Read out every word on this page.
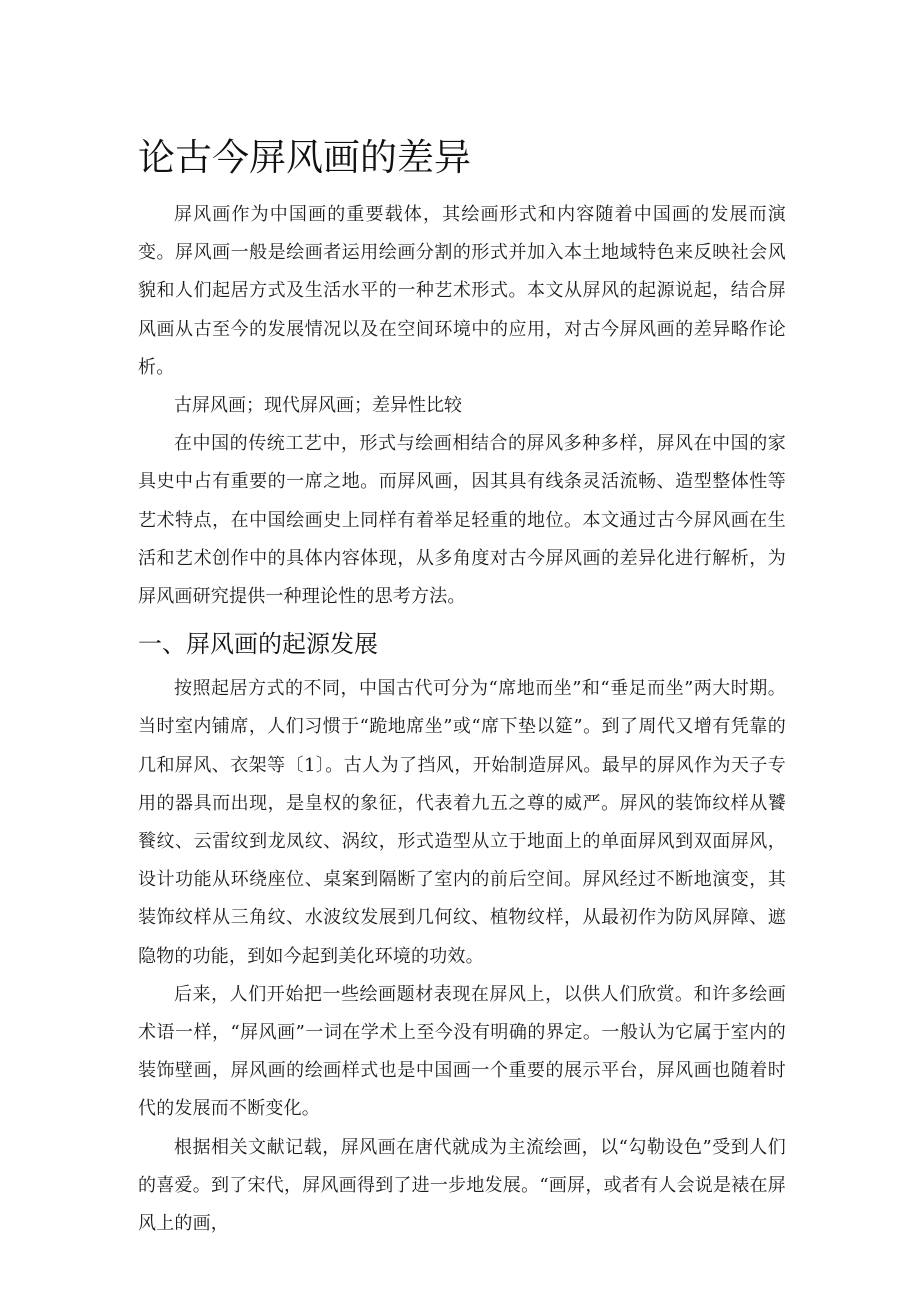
论古今屏风画的差异

屏风画作为中国画的重要载体，其绘画形式和内容随着中国画的发展而演变。屏风画一般是绘画者运用绘画分割的形式并加入本土地域特色来反映社会风貌和人们起居方式及生活水平的一种艺术形式。本文从屏风的起源说起，结合屏风画从古至今的发展情况以及在空间环境中的应用，对古今屏风画的差异略作论析。

古屏风画；现代屏风画；差异性比较

在中国的传统工艺中，形式与绘画相结合的屏风多种多样，屏风在中国的家具史中占有重要的一席之地。而屏风画，因其具有线条灵活流畅、造型整体性等艺术特点，在中国绘画史上同样有着举足轻重的地位。本文通过古今屏风画在生活和艺术创作中的具体内容体现，从多角度对古今屏风画的差异化进行解析，为屏风画研究提供一种理论性的思考方法。

一、屏风画的起源发展

按照起居方式的不同，中国古代可分为“席地而坐”和“垂足而坐”两大时期。当时室内铺席，人们习惯于“跪地席坐”或“席下垫以筵”。到了周代又增有凭靠的几和屏风、衣架等〔1〕。古人为了挡风，开始制造屏风。最早的屏风作为天子专用的器具而出现，是皇权的象征，代表着九五之尊的威严。屏风的装饰纹样从饕餮纹、云雷纹到龙凤纹、涡纹，形式造型从立于地面上的单面屏风到双面屏风，设计功能从环绕座位、桌案到隔断了室内的前后空间。屏风经过不断地演变，其装饰纹样从三角纹、水波纹发展到几何纹、植物纹样，从最初作为防风屏障、遮隐物的功能，到如今起到美化环境的功效。

后来，人们开始把一些绘画题材表现在屏风上，以供人们欣赏。和许多绘画术语一样，“屏风画”一词在学术上至今没有明确的界定。一般认为它属于室内的装饰壁画，屏风画的绘画样式也是中国画一个重要的展示平台，屏风画也随着时代的发展而不断变化。

根据相关文献记载，屏风画在唐代就成为主流绘画，以“勾勒设色”受到人们的喜爱。到了宋代，屏风画得到了进一步地发展。“画屏，或者有人会说是裱在屏风上的画，
